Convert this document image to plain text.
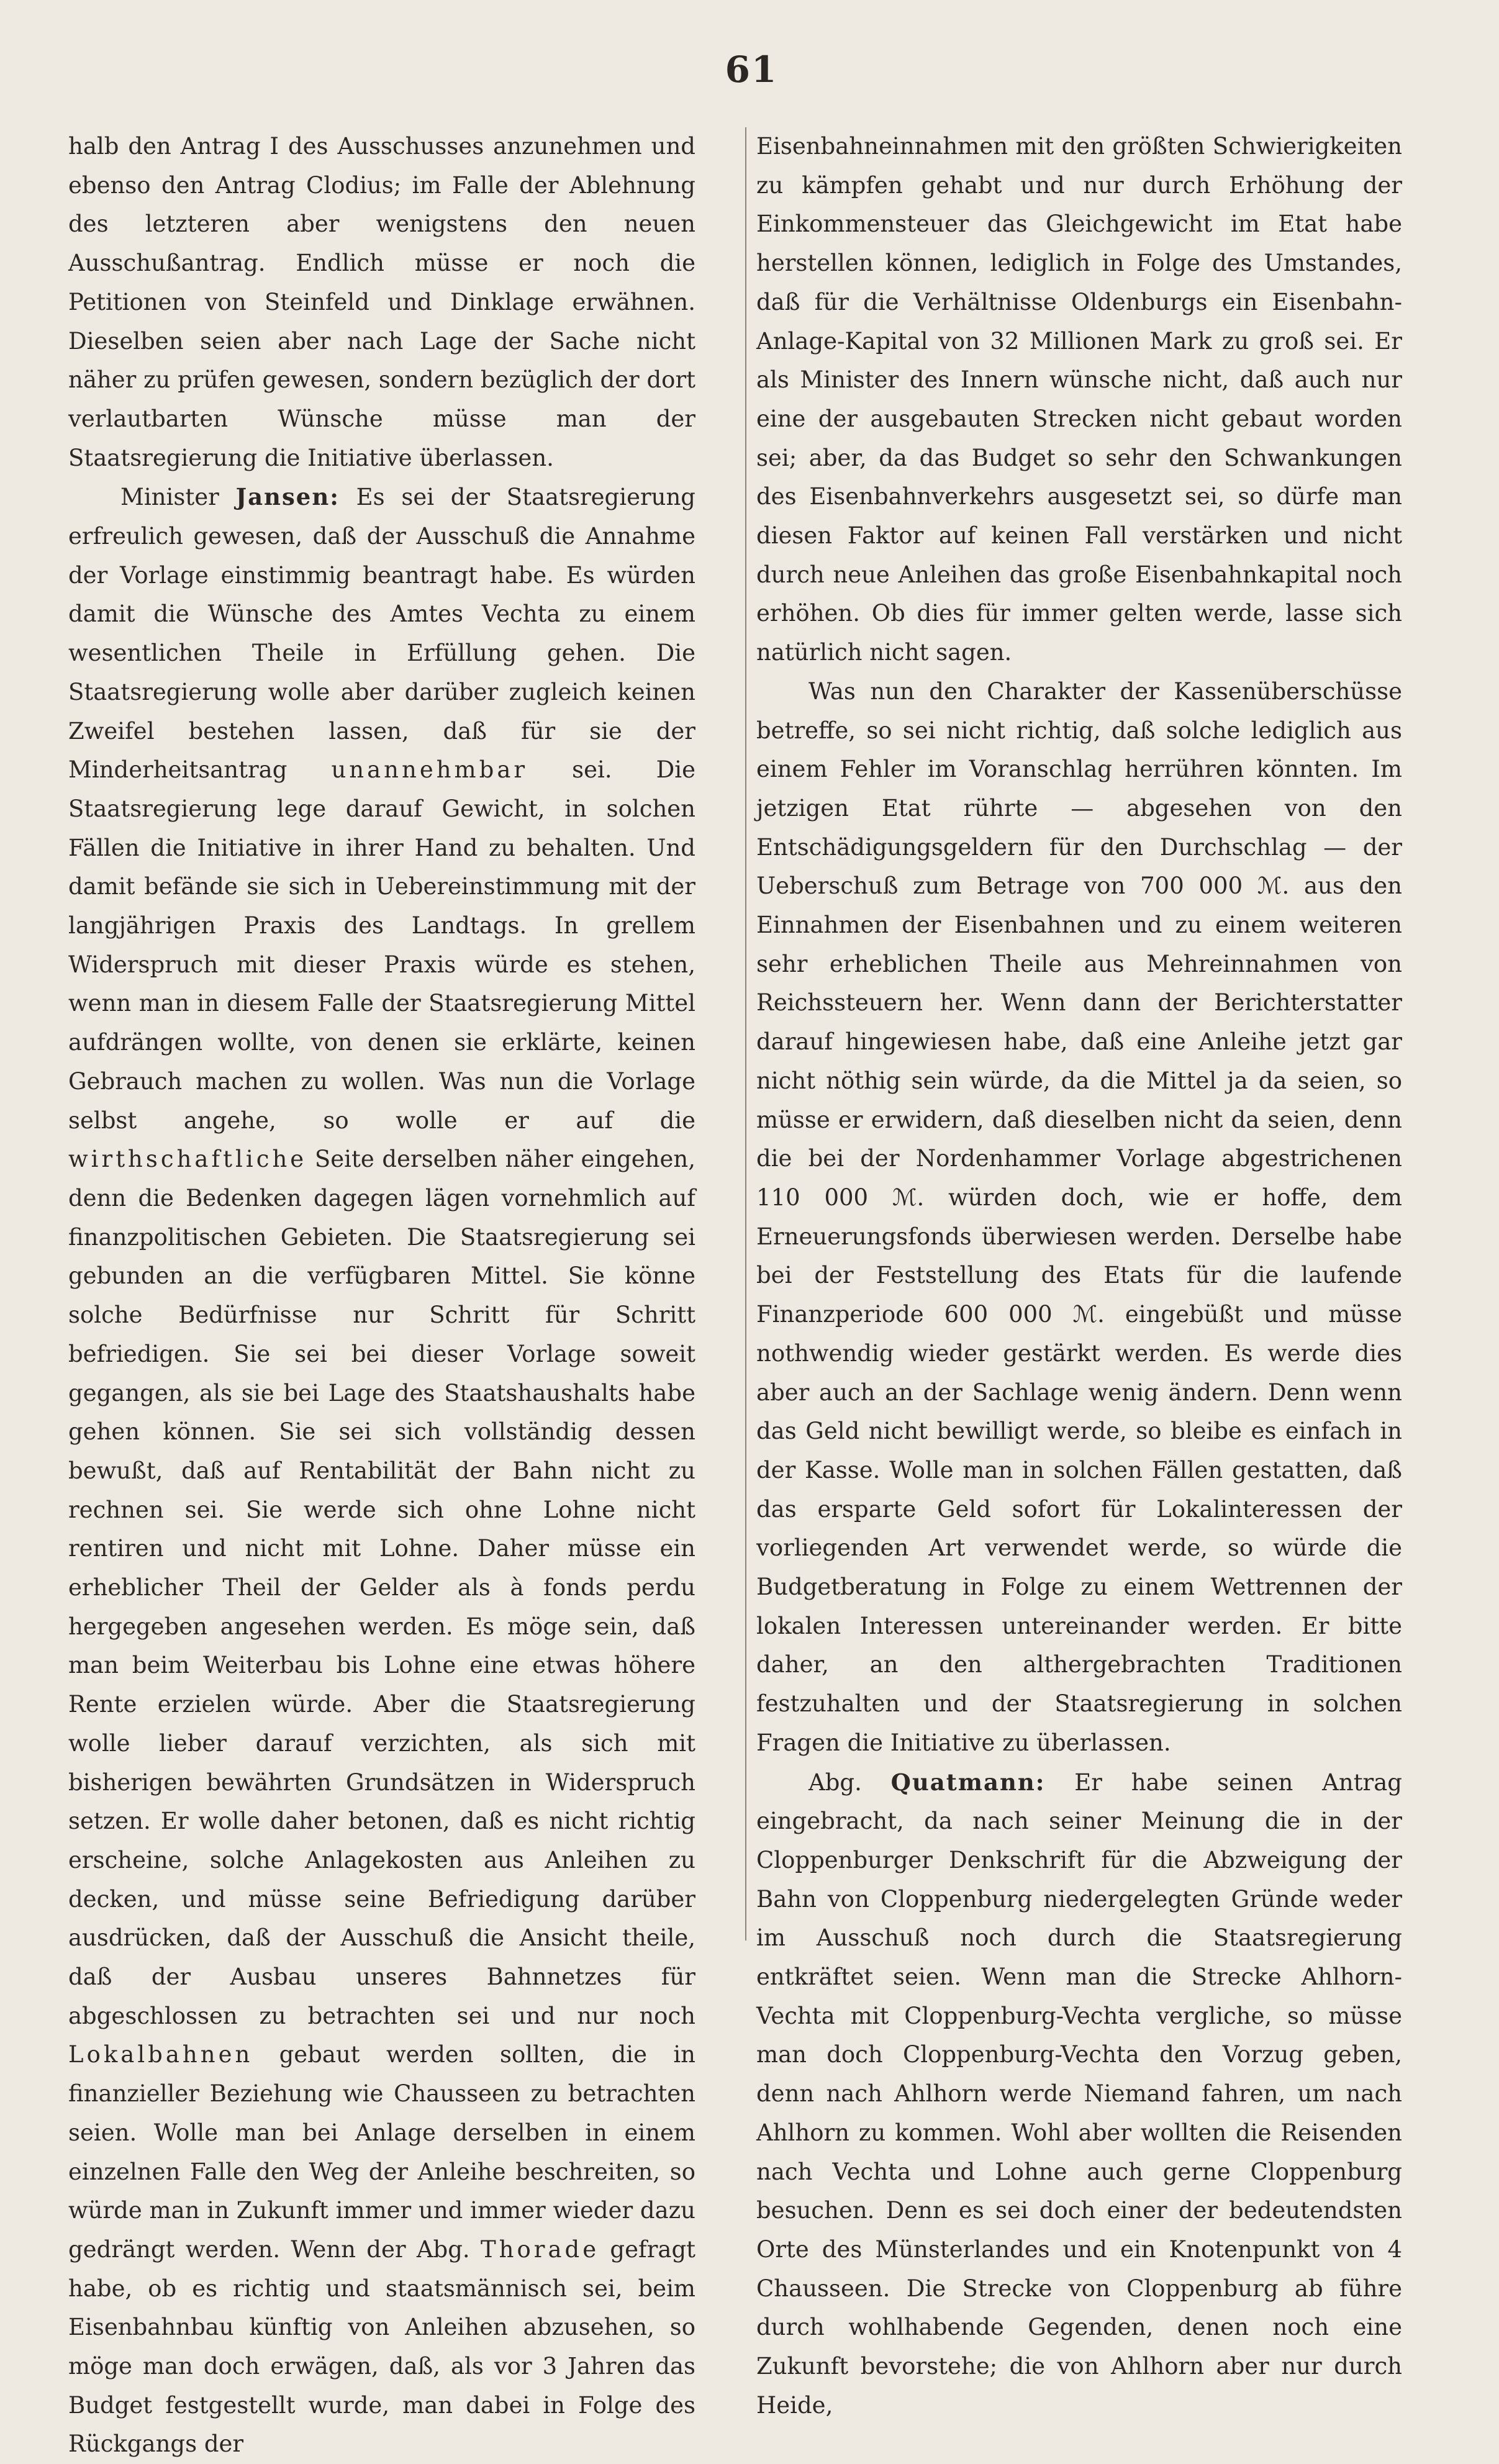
61

halb den Antrag I des Ausschusses anzunehmen und ebenso den Antrag Clodius; im Falle der Ablehnung des letzteren aber wenigstens den neuen Ausschußantrag. Endlich müsse er noch die Petitionen von Steinfeld und Dinklage erwähnen. Dieselben seien aber nach Lage der Sache nicht näher zu prüfen gewesen, sondern bezüglich der dort verlautbarten Wünsche müsse man der Staatsregierung die Initiative überlassen.

Minister Jansen: Es sei der Staatsregierung erfreulich gewesen, daß der Ausschuß die Annahme der Vorlage einstimmig beantragt habe. Es würden damit die Wünsche des Amtes Vechta zu einem wesentlichen Theile in Erfüllung gehen. Die Staatsregierung wolle aber darüber zugleich keinen Zweifel bestehen lassen, daß für sie der Minderheitsantrag unannehmbar sei. Die Staatsregierung lege darauf Gewicht, in solchen Fällen die Initiative in ihrer Hand zu behalten. Und damit befände sie sich in Uebereinstimmung mit der langjährigen Praxis des Landtags. In grellem Widerspruch mit dieser Praxis würde es stehen, wenn man in diesem Falle der Staatsregierung Mittel aufdrängen wollte, von denen sie erklärte, keinen Gebrauch machen zu wollen. Was nun die Vorlage selbst angehe, so wolle er auf die wirthschaftliche Seite derselben näher eingehen, denn die Bedenken dagegen lägen vornehmlich auf finanzpolitischen Gebieten. Die Staatsregierung sei gebunden an die verfügbaren Mittel. Sie könne solche Bedürfnisse nur Schritt für Schritt befriedigen. Sie sei bei dieser Vorlage soweit gegangen, als sie bei Lage des Staatshaushalts habe gehen können. Sie sei sich vollständig dessen bewußt, daß auf Rentabilität der Bahn nicht zu rechnen sei. Sie werde sich ohne Lohne nicht rentiren und nicht mit Lohne. Daher müsse ein erheblicher Theil der Gelder als à fonds perdu hergegeben angesehen werden. Es möge sein, daß man beim Weiterbau bis Lohne eine etwas höhere Rente erzielen würde. Aber die Staatsregierung wolle lieber darauf verzichten, als sich mit bisherigen bewährten Grundsätzen in Widerspruch setzen. Er wolle daher betonen, daß es nicht richtig erscheine, solche Anlagekosten aus Anleihen zu decken, und müsse seine Befriedigung darüber ausdrücken, daß der Ausschuß die Ansicht theile, daß der Ausbau unseres Bahnnetzes für abgeschlossen zu betrachten sei und nur noch Lokalbahnen gebaut werden sollten, die in finanzieller Beziehung wie Chausseen zu betrachten seien. Wolle man bei Anlage derselben in einem einzelnen Falle den Weg der Anleihe beschreiten, so würde man in Zukunft immer und immer wieder dazu gedrängt werden. Wenn der Abg. Thorade gefragt habe, ob es richtig und staatsmännisch sei, beim Eisenbahnbau künftig von Anleihen abzusehen, so möge man doch erwägen, daß, als vor 3 Jahren das Budget festgestellt wurde, man dabei in Folge des Rückgangs der

Eisenbahneinnahmen mit den größten Schwierigkeiten zu kämpfen gehabt und nur durch Erhöhung der Einkommensteuer das Gleichgewicht im Etat habe herstellen können, lediglich in Folge des Umstandes, daß für die Verhältnisse Oldenburgs ein Eisenbahn-Anlage-Kapital von 32 Millionen Mark zu groß sei. Er als Minister des Innern wünsche nicht, daß auch nur eine der ausgebauten Strecken nicht gebaut worden sei; aber, da das Budget so sehr den Schwankungen des Eisenbahnverkehrs ausgesetzt sei, so dürfe man diesen Faktor auf keinen Fall verstärken und nicht durch neue Anleihen das große Eisenbahnkapital noch erhöhen. Ob dies für immer gelten werde, lasse sich natürlich nicht sagen.

Was nun den Charakter der Kassenüberschüsse betreffe, so sei nicht richtig, daß solche lediglich aus einem Fehler im Voranschlag herrühren könnten. Im jetzigen Etat rührte — abgesehen von den Entschädigungsgeldern für den Durchschlag — der Ueberschuß zum Betrage von 700 000 ℳ. aus den Einnahmen der Eisenbahnen und zu einem weiteren sehr erheblichen Theile aus Mehreinnahmen von Reichssteuern her. Wenn dann der Berichterstatter darauf hingewiesen habe, daß eine Anleihe jetzt gar nicht nöthig sein würde, da die Mittel ja da seien, so müsse er erwidern, daß dieselben nicht da seien, denn die bei der Nordenhammer Vorlage abgestrichenen 110 000 ℳ. würden doch, wie er hoffe, dem Erneuerungsfonds überwiesen werden. Derselbe habe bei der Feststellung des Etats für die laufende Finanzperiode 600 000 ℳ. eingebüßt und müsse nothwendig wieder gestärkt werden. Es werde dies aber auch an der Sachlage wenig ändern. Denn wenn das Geld nicht bewilligt werde, so bleibe es einfach in der Kasse. Wolle man in solchen Fällen gestatten, daß das ersparte Geld sofort für Lokalinteressen der vorliegenden Art verwendet werde, so würde die Budgetberatung in Folge zu einem Wettrennen der lokalen Interessen untereinander werden. Er bitte daher, an den althergebrachten Traditionen festzuhalten und der Staatsregierung in solchen Fragen die Initiative zu überlassen.

Abg. Quatmann: Er habe seinen Antrag eingebracht, da nach seiner Meinung die in der Cloppenburger Denkschrift für die Abzweigung der Bahn von Cloppenburg niedergelegten Gründe weder im Ausschuß noch durch die Staatsregierung entkräftet seien. Wenn man die Strecke Ahlhorn-Vechta mit Cloppenburg-Vechta vergliche, so müsse man doch Cloppenburg-Vechta den Vorzug geben, denn nach Ahlhorn werde Niemand fahren, um nach Ahlhorn zu kommen. Wohl aber wollten die Reisenden nach Vechta und Lohne auch gerne Cloppenburg besuchen. Denn es sei doch einer der bedeutendsten Orte des Münsterlandes und ein Knotenpunkt von 4 Chausseen. Die Strecke von Cloppenburg ab führe durch wohlhabende Gegenden, denen noch eine Zukunft bevorstehe; die von Ahlhorn aber nur durch Heide,
